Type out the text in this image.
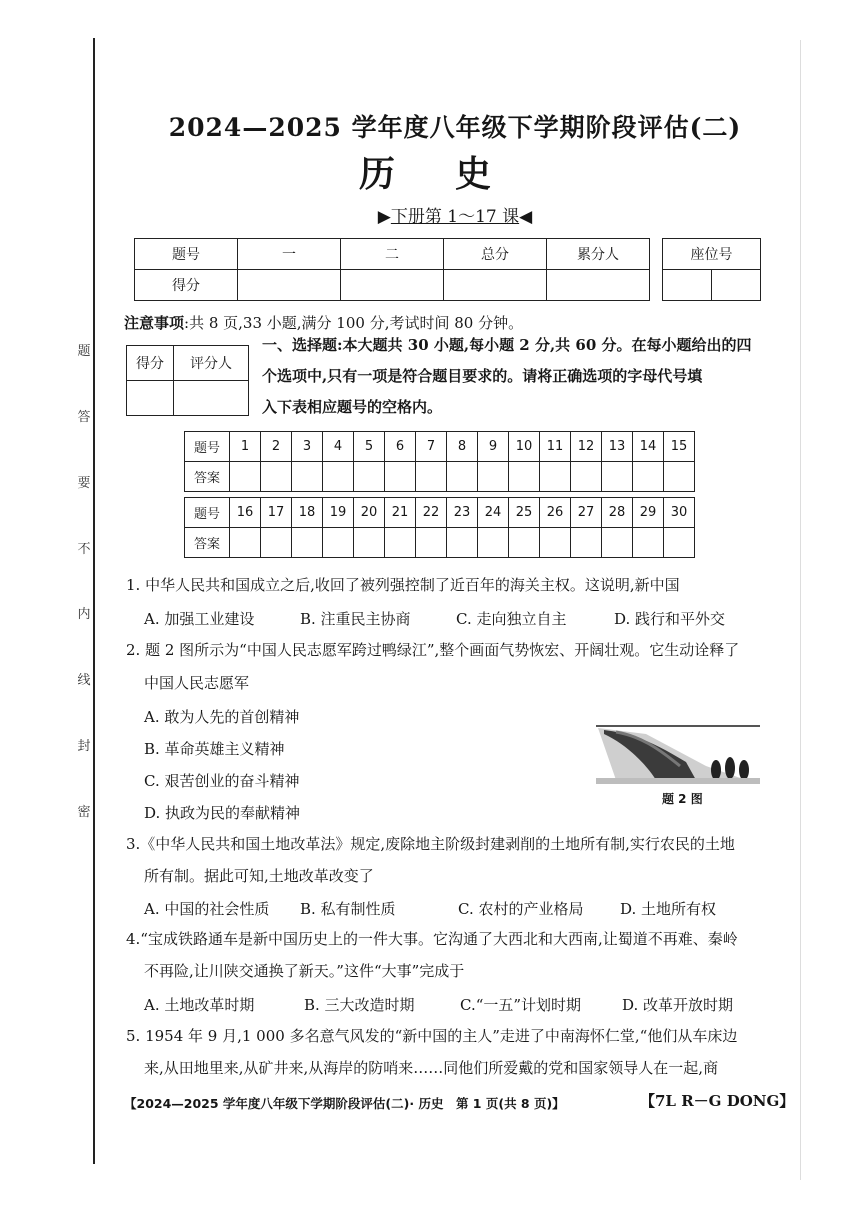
题
答
要
不
内
线
封
密
2024—2025 学年度八年级下学期阶段评估(二)
历史
▶下册第 1～17 课◀
题号	一	二	总分	累分人
得分				
座位号

注意事项:共 8 页,33 小题,满分 100 分,考试时间 80 分钟。
得分	评分人

一、选择题:本大题共 30 小题,每小题 2 分,共 60 分。在每小题给出的四
个选项中,只有一项是符合题目要求的。请将正确选项的字母代号填
入下表相应题号的空格内。
题号	1	2	3	4	5	6	7	8	9	10	11	12	13	14	15
答案															
题号	16	17	18	19	20	21	22	23	24	25	26	27	28	29	30
答案															
1. 中华人民共和国成立之后,收回了被列强控制了近百年的海关主权。这说明,新中国
A. 加强工业建设	B. 注重民主协商	C. 走向独立自主	D. 践行和平外交
2. 题 2 图所示为“中国人民志愿军跨过鸭绿江”,整个画面气势恢宏、开阔壮观。它生动诠释了
中国人民志愿军
A. 敢为人先的首创精神
B. 革命英雄主义精神
C. 艰苦创业的奋斗精神
D. 执政为民的奉献精神
题 2 图
3.《中华人民共和国土地改革法》规定,废除地主阶级封建剥削的土地所有制,实行农民的土地
所有制。据此可知,土地改革改变了
A. 中国的社会性质 B. 私有制性质	C. 农村的产业格局 D. 土地所有权
4.“宝成铁路通车是新中国历史上的一件大事。它沟通了大西北和大西南,让蜀道不再难、秦岭
不再险,让川陕交通换了新天。”这件“大事”完成于
A. 土地改革时期	B. 三大改造时期	C.“一五”计划时期	D. 改革开放时期
5. 1954 年 9 月,1 000 多名意气风发的“新中国的主人”走进了中南海怀仁堂,“他们从车床边
来,从田地里来,从矿井来,从海岸的防哨来……同他们所爱戴的党和国家领导人在一起,商
【2024—2025 学年度八年级下学期阶段评估(二)· 历史　第 1 页(共 8 页)】	【7L R－G DONG】
